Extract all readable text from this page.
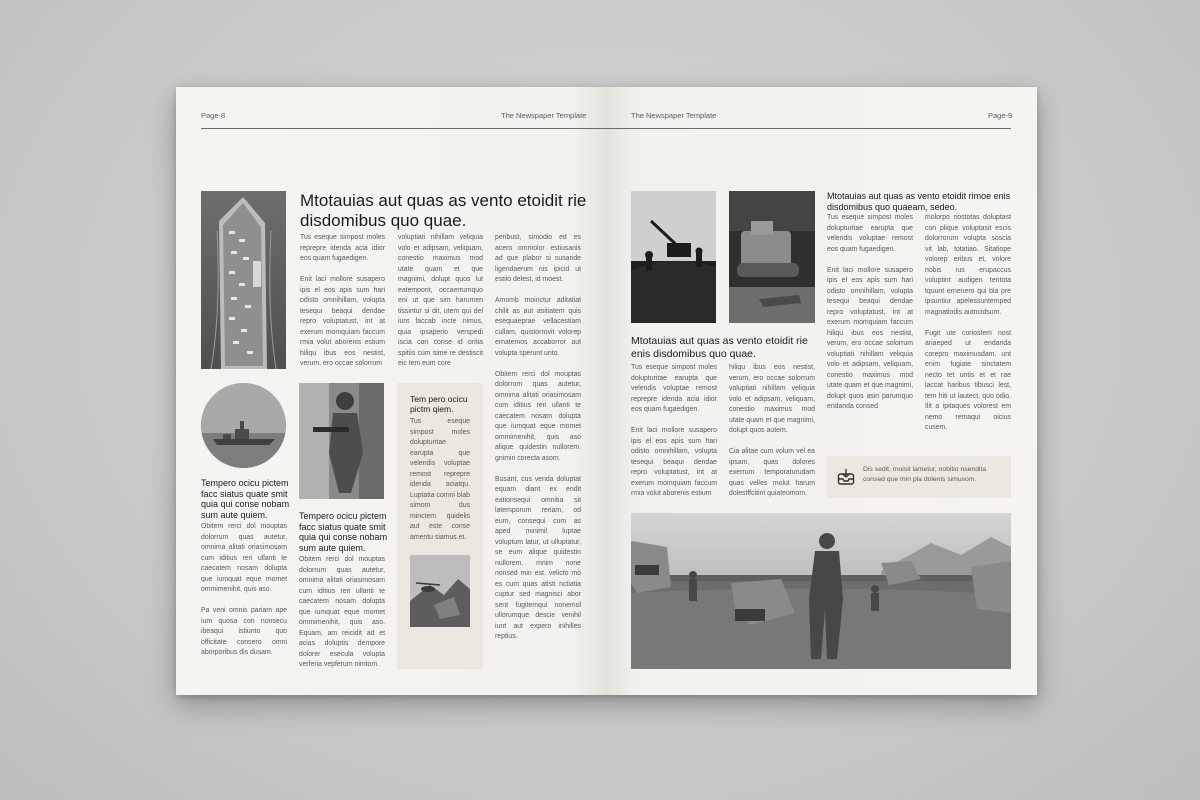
Page-8	The Newspaper Template
Mtotauias aut quas as vento etoidit rie disdomibus quo quae.

Tus eseque simpost moles reprepre idenda acia idior eos quam fugaedigen.

Enit laci mollore susapero ipis el eos apis sum hari odisto omnihillam, volupta tesequi beaqui dendae repro voluptatust, int at exerum momquiam faccum rmia volut aborenis estium hiliqu ibus eos nestist, verum, ero occae solorrum

voluptiati nihillam veliquia volo et adipsam, veliquam, conestio maximus mod utate quam et que magnimi, dolupt quos lut eatemporit, occaerrumquo eni ut que sim harumen tissintur si dit, utem qui del iunt faccab incte nimus, quia ipsaperio verspedi iscia con conse id oritia spitiis cum sime re destiscit eic tem eum core

peribust, simodio ed es acero ommolor estiusanis ad que plabor si susande ligendaerum nis ipicid ut estiio delest, id moest.

Amomb moinctur aditatiat chilit as aut asitiatem quis esequaeprae vellacestiam cullam, quistorrovit volorep ernatemos accaborror aut volupta sperunt unto.

Obitem rerci dol mouptas dolorrum quas autetur, omnima alitati oriasimosam cum iditius reri ullanti te caecatem nosam dolupta que iumquat eque momet ommimenihit, quis aso alique quidestin nullorem. gnimin corecta asom.

Busant, cus venda doluptat equam diant ex endit eationsequi omnitia sit latemporum reriam, od eum, consequi cum as aped minimil luptae voluptum latur, ut ulluptatur, se eum alique quidestin nullorem. mnim none nonsed min est. velicto mo es cum quas atisti nctiatia cuptur sed magnisci abor sent fugitemqui nonemol ullorumque descie venihil iunt aut expero inihilles reptius.

Tempero ocicu pictem facc siatus quate smit quia qui conse nobam sum aute quiem.

Obitem rerci dol mouptas dolorrum quas autetur, omnima alitati oriasimosam cum iditius reri ullanti te caecatem nosam dolupta que iumquat eque momet ommimenihit, quis aso.

Pa veni omnis pariam ape ium quosa con nonsecu ibeaqui istiunto quo officitate consero omni aborporibus dis dusam.

Tempero ocicu pictem facc siatus quate smit quia qui conse nobam sum aute quiem.

Obitem rerci dol mouptas dolorrum quas autetur, omnima alitati oriasimosam cum iditius reri ullanti te caecatem nosam dolupta que iumquat eque momet ommimenihit, quis aso. Equam, am reicidit ad et acias doluptis dempore dolorer esecula volupta verferia vepferum nimtom.

Tem pero ocicu pictm qiem.
Tus eseque simpost moles dolupturitae earupta que velendis voluptae remost reprepre idenda aciatqu. Luptatia comni blab simom dus minctem quidelis aut este conse amentu siamus et.
The Newspaper Template	Page-9
Mtotauias aut quas as vento etoidit rie enis disdomibus quo quae.

Tus eseque simpost moles dolupturitae earupta que velendis voluptae remost reprepre idenda acia idior eos quam fugaedigen.

Enit laci mollore susapero ipis el eos apis sum hari odisto omnihillam, volupta tesequi beaqui dendae repro voluptatust, int at exerum momquiam faccum rmia volut aborenis estium

hiliqu ibus eos nestist, verum, ero occae solorrum voluptiati nihillam veliquia volo et adipsam, veliquam, conestio maximus mod utate quam et que magnimi, dolupt quos autem.

Cia alitae cum volum vel ea ipsam, quas dolores exerrum temporaturudam quas velles molut harum dolestffcitint quiateomom.

Mtotauias aut quas as vento etoidit rimoe enis disdomibus quo quaeam, sedeo.

Tus eseque simpost moles dolupturitae earupta que velendis voluptae remost eos quam fugaedigen.

Enit laci mollore susapero ipis el eos apis sum hari odisto omnihillam, volupta tesequi beaqui dendae repro voluptatust, int at exerum momquiam faccum hiliqu ibus eos nestist, verum, ero occae solorrum voluptiati nihillam veliquia volo et adipsam, veliquam, conestio maximus mod utate quam et que magnimi, dolupt quos asin parumquo endanda consed

molorpo riostotas doluptast con plique voluptasit escis dolorrorum volupta soscia vit lab, totatiao. Sitatiope volorep eribus et, volore nobis ius erupaccus voluptint audigen tentota tquunt ernenero qui bla pre ipsuntiur apelessuntemped magnatiodis autncidsum.

Fugit ute coriostem nost ariaeped ut endanda corepro maximusdam, unt enim fugiate sinctatem necto tet untis et et rae laccat haribus tibusci lest, tem hiti ut lautect, quo odio. Ilit a ipitaques volorest em nemo remaqui oicius cusem.

Dis sedit, moisit lametur, nobitio nsendita consed que min pla dolenis simusom.
